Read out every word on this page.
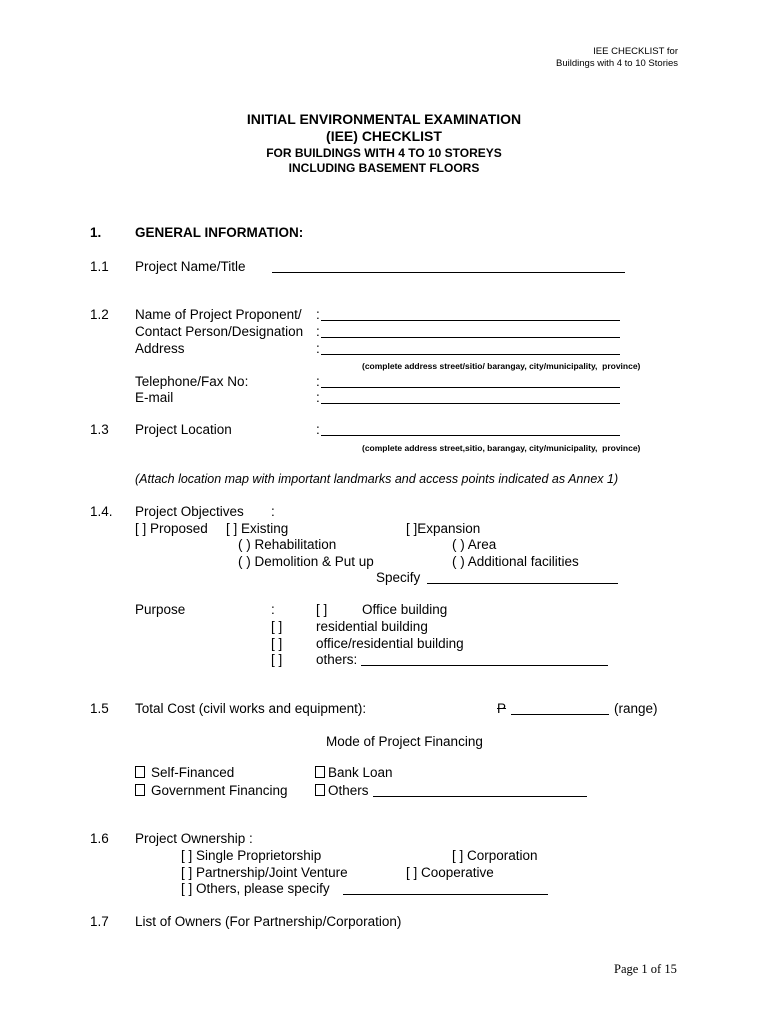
IEE CHECKLIST for
Buildings with 4 to 10 Stories
INITIAL ENVIRONMENTAL EXAMINATION
(IEE) CHECKLIST
FOR BUILDINGS WITH 4 TO 10 STOREYS
INCLUDING BASEMENT FLOORS
1. GENERAL INFORMATION:
1.1 Project Name/Title
1.2 Name of Project Proponent/ :
Contact Person/Designation :
Address	:
(complete address street/sitio/ barangay, city/municipality,  province)
Telephone/Fax No:	:
E-mail	:
1.3 Project Location	:
(complete address street,sitio, barangay, city/municipality,  province)
(Attach location map with important landmarks and access points indicated as Annex 1)
1.4. Project Objectives :
[ ] Proposed [ ] Existing	[ ]Expansion
( ) Rehabilitation	( ) Area
( ) Demolition & Put up	( ) Additional facilities
Specify
Purpose	:	[ ]	Office building
[ ] residential building
[ ] office/residential building
[ ] others:
1.5 Total Cost (civil works and equipment):	P	(range)
Mode of Project Financing
Self-Financed	Bank Loan
Government Financing	Others
1.6 Project Ownership :
[ ] Single Proprietorship	[ ] Corporation
[ ] Partnership/Joint Venture	[ ] Cooperative
[ ] Others, please specify
1.7 List of Owners (For Partnership/Corporation)
Page 1 of 15
